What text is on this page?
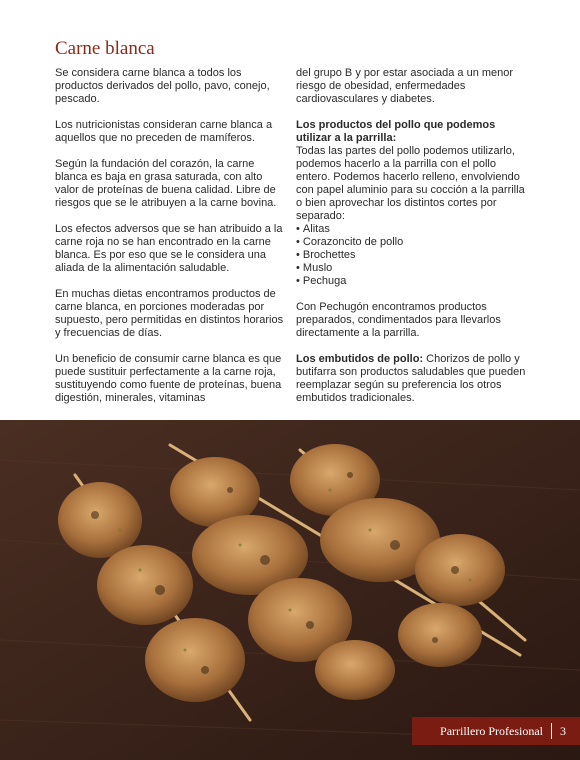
Carne blanca

Se considera carne blanca a todos los productos derivados del pollo, pavo, conejo, pescado.

Los nutricionistas consideran carne blanca a aquellos que no preceden de mamíferos.

Según la fundación del corazón, la carne blanca es baja en grasa saturada, con alto valor de proteínas de buena calidad. Libre de riesgos que se le atribuyen a la carne bovina.

Los efectos adversos que se han atribuido a la carne roja no se han encontrado en la carne blanca. Es por eso que se le considera una aliada de la alimentación saludable.

En muchas dietas encontramos productos de carne blanca, en porciones moderadas por supuesto, pero permitidas en distintos horarios y frecuencias de días.

Un beneficio de consumir carne blanca es que puede sustituir perfectamente a la carne roja, sustituyendo como fuente de proteínas, buena digestión, minerales, vitaminas

del grupo B y por estar asociada a un menor riesgo de obesidad, enfermedades cardiovasculares y diabetes.

Los productos del pollo que podemos utilizar a la parrilla:

Todas las partes del pollo podemos utilizarlo, podemos hacerlo a la parrilla con el pollo entero. Podemos hacerlo relleno, envolviendo con papel aluminio para su cocción a la parrilla o bien aprovechar los distintos cortes por separado:

• Alitas
• Corazoncito de pollo
• Brochettes
• Muslo
• Pechuga

Con Pechugón encontramos productos preparados, condimentados para llevarlos directamente a la parrilla.

Los embutidos de pollo: Chorizos de pollo y butifarra son productos saludables que pueden reemplazar según su preferencia los otros embutidos tradicionales.

Parrillero Profesional 3
